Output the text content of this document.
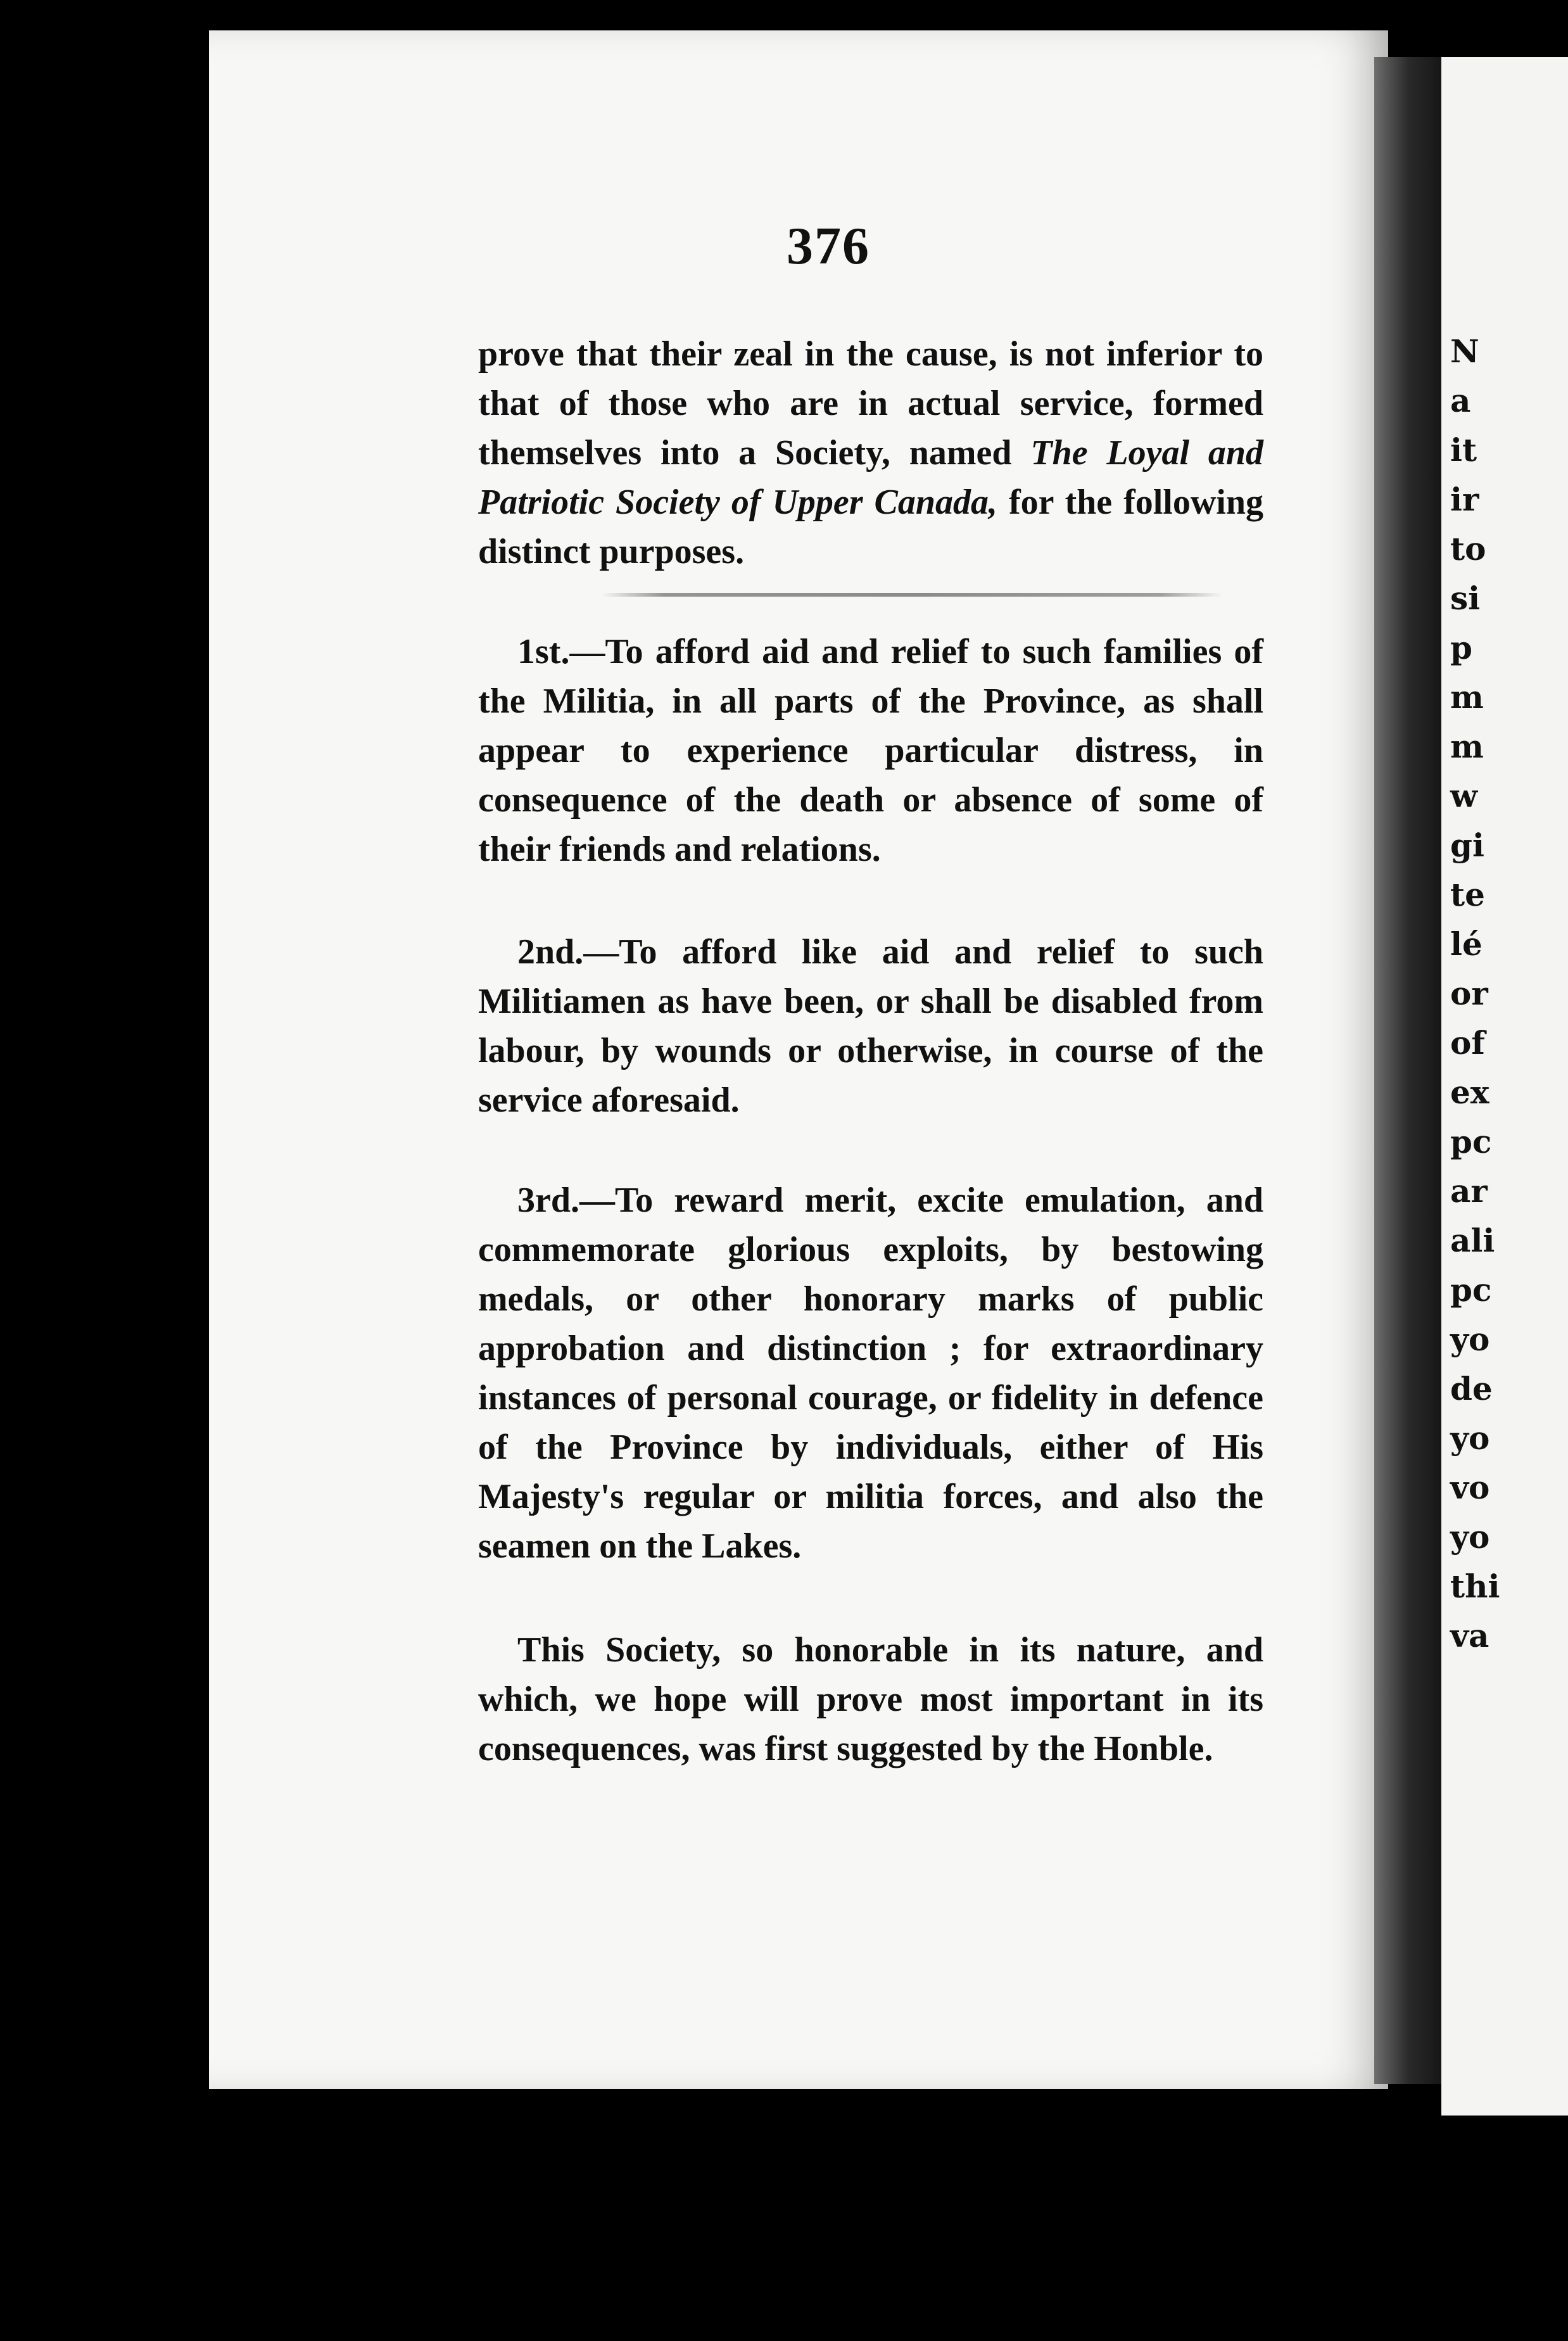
376

prove that their zeal in the cause, is not inferior to that of those who are in actual service, formed themselves into a Society, named The Loyal and Patriotic Society of Upper Canada, for the following distinct purposes.

1st.—To afford aid and relief to such families of the Militia, in all parts of the Province, as shall appear to experience particular distress, in consequence of the death or absence of some of their friends and relations.

2nd.—To afford like aid and relief to such Militiamen as have been, or shall be disabled from labour, by wounds or otherwise, in course of the service aforesaid.

3rd.—To reward merit, excite emulation, and commemorate glorious exploits, by bestowing medals, or other honorary marks of public approbation and distinction ; for extraordinary instances of personal courage, or fidelity in defence of the Province by individuals, either of His Majesty's regular or militia forces, and also the seamen on the Lakes.

This Society, so honorable in its nature, and which, we hope will prove most important in its consequences, was first suggested by the Honble.

N
a
it
ir
to
si
p
m
m
w
gi
te
lé
or
of
ex
pc
ar
ali
pc
yo
de
yo
vo
yo
thi
va
